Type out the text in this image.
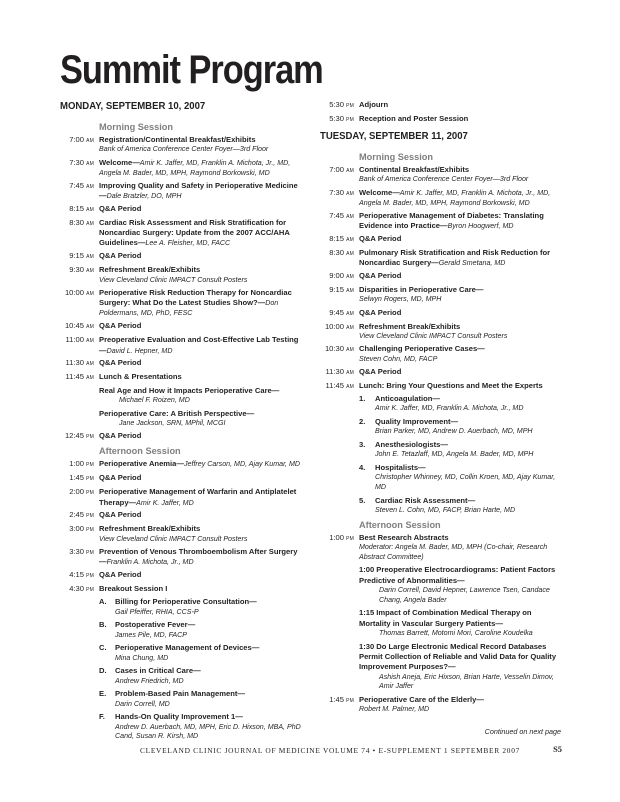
Summit Program
MONDAY, SEPTEMBER 10, 2007
Morning Session
7:00 AM Registration/Continental Breakfast/Exhibits
Bank of America Conference Center Foyer—3rd Floor
7:30 AM Welcome—Amir K. Jaffer, MD, Franklin A. Michota, Jr., MD, Angela M. Bader, MD, MPH, Raymond Borkowski, MD
7:45 AM Improving Quality and Safety in Perioperative Medicine—Dale Bratzler, DO, MPH
8:15 AM Q&A Period
8:30 AM Cardiac Risk Assessment and Risk Stratification for Noncardiac Surgery: Update from the 2007 ACC/AHA Guidelines—Lee A. Fleisher, MD, FACC
9:15 AM Q&A Period
9:30 AM Refreshment Break/Exhibits
View Cleveland Clinic IMPACT Consult Posters
10:00 AM Perioperative Risk Reduction Therapy for Noncardiac Surgery: What Do the Latest Studies Show?—Don Poldermans, MD, PhD, FESC
10:45 AM Q&A Period
11:00 AM Preoperative Evaluation and Cost-Effective Lab Testing—David L. Hepner, MD
11:30 AM Q&A Period
11:45 AM Lunch & Presentations
Real Age and How it Impacts Perioperative Care—
Michael F. Roizen, MD
Perioperative Care: A British Perspective—
Jane Jackson, SRN, MPhil, MCGI
12:45 PM Q&A Period
Afternoon Session
1:00 PM Perioperative Anemia—Jeffrey Carson, MD, Ajay Kumar, MD
1:45 PM Q&A Period
2:00 PM Perioperative Management of Warfarin and Antiplatelet Therapy—Amir K. Jaffer, MD
2:45 PM Q&A Period
3:00 PM Refreshment Break/Exhibits
View Cleveland Clinic IMPACT Consult Posters
3:30 PM Prevention of Venous Thromboembolism After Surgery—Franklin A. Michota, Jr., MD
4:15 PM Q&A Period
4:30 PM Breakout Session I
A.	Billing for Perioperative Consultation—
Gail Pfeiffer, RHIA, CCS-P
B.	Postoperative Fever—
James Pile, MD, FACP
C.	Perioperative Management of Devices—
Mina Chung, MD
D.	Cases in Critical Care—
Andrew Friedrich, MD
E.	Problem-Based Pain Management—
Darin Correll, MD
F.	Hands-On Quality Improvement 1—
Andrew D. Auerbach, MD, MPH, Eric D. Hixson, MBA, PhD Cand, Susan R. Kirsh, MD
5:30 PM Adjourn
5:30 PM Reception and Poster Session
TUESDAY, SEPTEMBER 11, 2007
Morning Session
7:00 AM Continental Breakfast/Exhibits
Bank of America Conference Center Foyer—3rd Floor
7:30 AM Welcome—Amir K. Jaffer, MD, Franklin A. Michota, Jr., MD, Angela M. Bader, MD, MPH, Raymond Borkowski, MD
7:45 AM Perioperative Management of Diabetes: Translating Evidence into Practice—Byron Hoogwerf, MD
8:15 AM Q&A Period
8:30 AM Pulmonary Risk Stratification and Risk Reduction for Noncardiac Surgery—Gerald Smetana, MD
9:00 AM Q&A Period
9:15 AM Disparities in Perioperative Care—
Selwyn Rogers, MD, MPH
9:45 AM Q&A Period
10:00 AM Refreshment Break/Exhibits
View Cleveland Clinic IMPACT Consult Posters
10:30 AM Challenging Perioperative Cases—
Steven Cohn, MD, FACP
11:30 AM Q&A Period
11:45 AM Lunch: Bring Your Questions and Meet the Experts
1.	Anticoagulation—
Amir K. Jaffer, MD, Franklin A. Michota, Jr., MD
2.	Quality Improvement—
Brian Parker, MD, Andrew D. Auerbach, MD, MPH
3.	Anesthesiologists—
John E. Tetazlaff, MD, Angela M. Bader, MD, MPH
4.	Hospitalists—
Christopher Whinney, MD, Collin Kroen, MD, Ajay Kumar, MD
5.	Cardiac Risk Assessment—
Steven L. Cohn, MD, FACP, Brian Harte, MD
Afternoon Session
1:00 PM Best Research Abstracts
Moderator: Angela M. Bader, MD, MPH (Co-chair, Research Abstract Committee)
1:00 Preoperative Electrocardiograms: Patient Factors Predictive of Abnormalities—
Darin Correll, David Hepner, Lawrence Tsen, Candace Chang, Angela Bader
1:15 Impact of Combination Medical Therapy on Mortality in Vascular Surgery Patients—
Thomas Barrett, Motomi Mori, Caroline Koudelka
1:30 Do Large Electronic Medical Record Databases Permit Collection of Reliable and Valid Data for Quality Improvement Purposes?—
Ashish Aneja, Eric Hixson, Brian Harte, Vesselin Dimov, Amir Jaffer
1:45 PM Perioperative Care of the Elderly—
Robert M. Palmer, MD
Continued on next page
CLEVELAND CLINIC JOURNAL OF MEDICINE VOLUME 74 • E-SUPPLEMENT 1 SEPTEMBER 2007	S5
